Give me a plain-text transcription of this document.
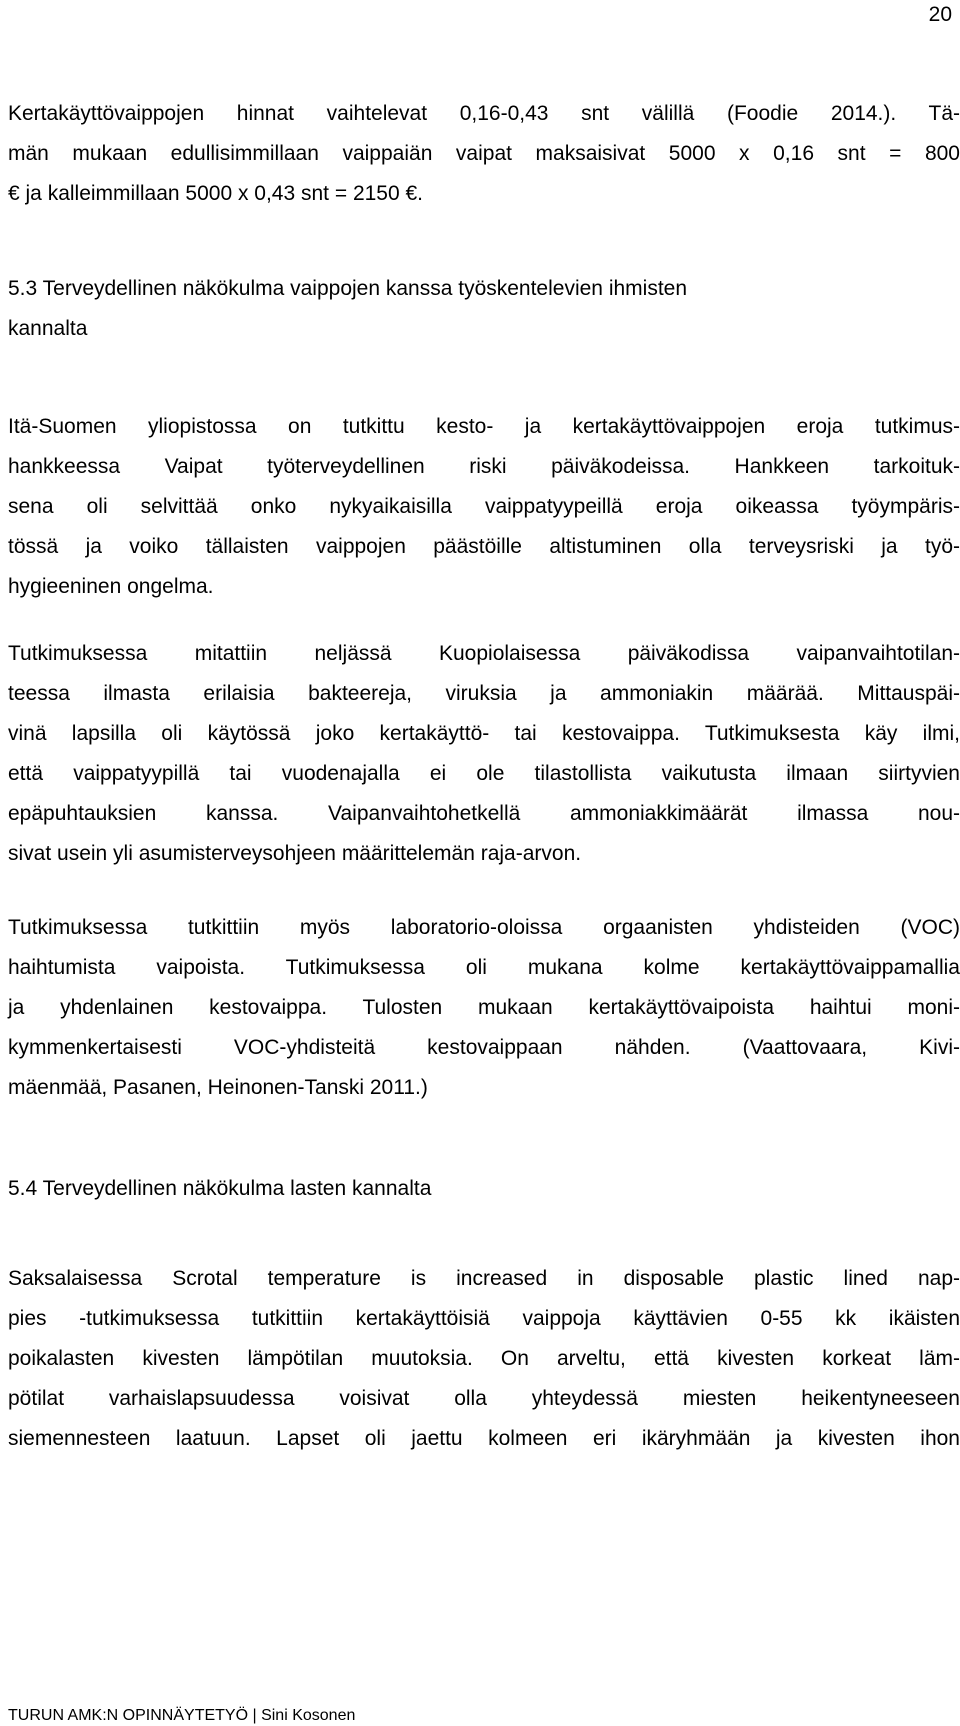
20
Kertakäyttövaippojen hinnat vaihtelevat 0,16-0,43 snt välillä (Foodie 2014.). Tä-
män mukaan edullisimmillaan vaippaiän vaipat maksaisivat 5000 x 0,16 snt = 800
€ ja kalleimmillaan 5000 x 0,43 snt = 2150 €.
5.3 Terveydellinen näkökulma vaippojen kanssa työskentelevien ihmisten
kannalta
Itä-Suomen yliopistossa on tutkittu kesto- ja kertakäyttövaippojen eroja tutkimus-
hankkeessa Vaipat työterveydellinen riski päiväkodeissa. Hankkeen tarkoituk-
sena oli selvittää onko nykyaikaisilla vaippatyypeillä eroja oikeassa työympäris-
tössä ja voiko tällaisten vaippojen päästöille altistuminen olla terveysriski ja työ-
hygieeninen ongelma.
Tutkimuksessa mitattiin neljässä Kuopiolaisessa päiväkodissa vaipanvaihtotilan-
teessa ilmasta erilaisia bakteereja, viruksia ja ammoniakin määrää. Mittauspäi-
vinä lapsilla oli käytössä joko kertakäyttö- tai kestovaippa. Tutkimuksesta käy ilmi,
että vaippatyypillä tai vuodenajalla ei ole tilastollista vaikutusta ilmaan siirtyvien
epäpuhtauksien kanssa. Vaipanvaihtohetkellä ammoniakkimäärät ilmassa nou-
sivat usein yli asumisterveysohjeen määrittelemän raja-arvon.
Tutkimuksessa tutkittiin myös laboratorio-oloissa orgaanisten yhdisteiden (VOC)
haihtumista vaipoista. Tutkimuksessa oli mukana kolme kertakäyttövaippamallia
ja yhdenlainen kestovaippa. Tulosten mukaan kertakäyttövaipoista haihtui moni-
kymmenkertaisesti VOC-yhdisteitä kestovaippaan nähden. (Vaattovaara, Kivi-
mäenmää, Pasanen, Heinonen-Tanski 2011.)
5.4 Terveydellinen näkökulma lasten kannalta
Saksalaisessa Scrotal temperature is increased in disposable plastic lined nap-
pies -tutkimuksessa tutkittiin kertakäyttöisiä vaippoja käyttävien 0-55 kk ikäisten
poikalasten kivesten lämpötilan muutoksia. On arveltu, että kivesten korkeat läm-
pötilat varhaislapsuudessa voisivat olla yhteydessä miesten heikentyneeseen
siemennesteen laatuun. Lapset oli jaettu kolmeen eri ikäryhmään ja kivesten ihon
TURUN AMK:N OPINNÄYTETYÖ | Sini Kosonen
